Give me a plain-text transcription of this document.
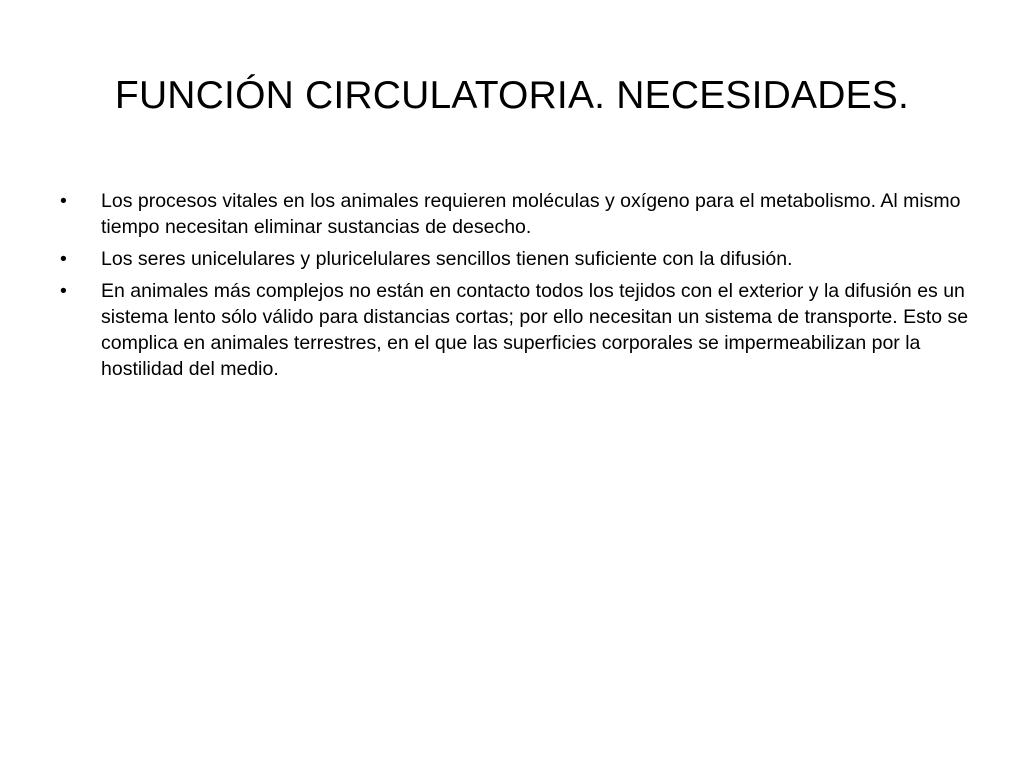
FUNCIÓN CIRCULATORIA. NECESIDADES.
•	Los procesos vitales en los animales requieren moléculas y oxígeno para el metabolismo. Al mismo tiempo necesitan eliminar sustancias de desecho.
•	Los seres unicelulares y pluricelulares sencillos tienen suficiente con la difusión.
•	En animales más complejos no están en contacto todos los tejidos con el exterior y la difusión es un sistema lento sólo válido para distancias cortas; por ello necesitan un sistema de transporte. Esto se complica en animales terrestres, en el que las superficies corporales se impermeabilizan por la hostilidad del medio.
